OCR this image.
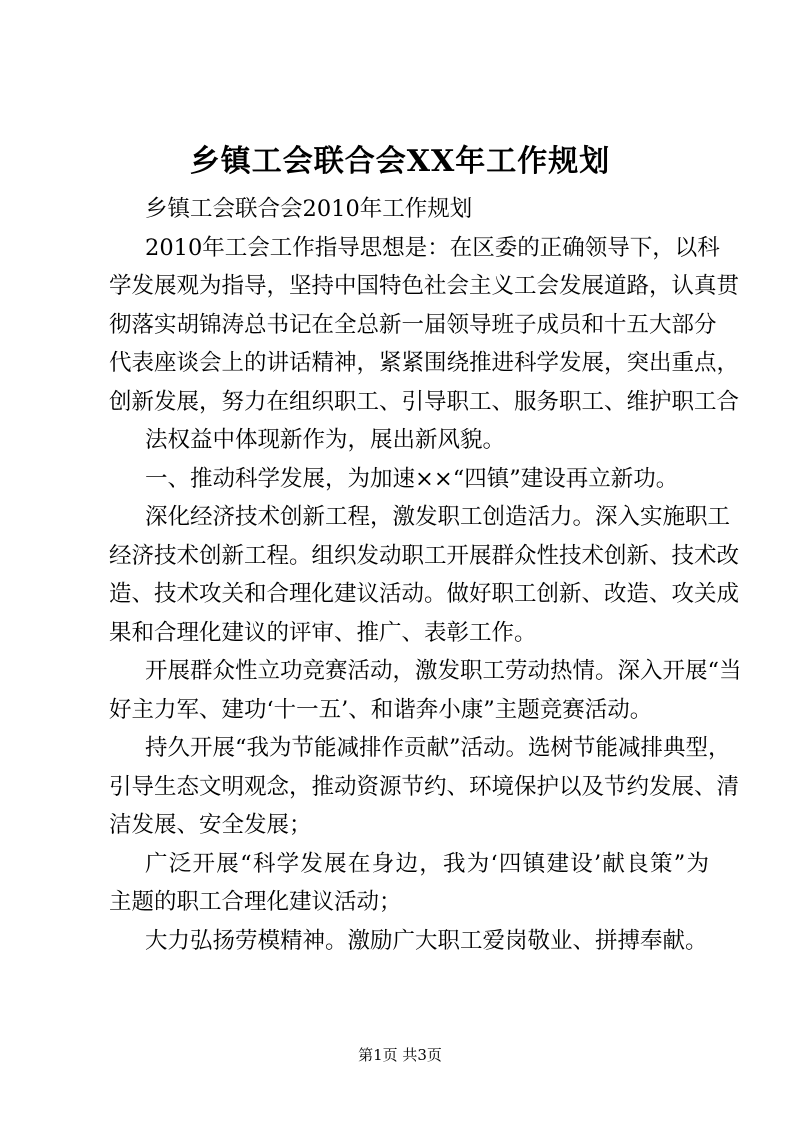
乡镇工会联合会XX年工作规划
乡镇工会联合会2010年工作规划
2010年工会工作指导思想是：在区委的正确领导下，以科
学发展观为指导，坚持中国特色社会主义工会发展道路，认真贯
彻落实胡锦涛总书记在全总新一届领导班子成员和十五大部分
代表座谈会上的讲话精神，紧紧围绕推进科学发展，突出重点，
创新发展，努力在组织职工、引导职工、服务职工、维护职工合
法权益中体现新作为，展出新风貌。
一、推动科学发展，为加速××“四镇”建设再立新功。
深化经济技术创新工程，激发职工创造活力。深入实施职工
经济技术创新工程。组织发动职工开展群众性技术创新、技术改
造、技术攻关和合理化建议活动。做好职工创新、改造、攻关成
果和合理化建议的评审、推广、表彰工作。
开展群众性立功竞赛活动，激发职工劳动热情。深入开展“当
好主力军、建功‘十一五’、和谐奔小康”主题竞赛活动。
持久开展“我为节能减排作贡献”活动。选树节能减排典型，
引导生态文明观念，推动资源节约、环境保护以及节约发展、清
洁发展、安全发展；
广泛开展“科学发展在身边，我为‘四镇建设’献良策”为
主题的职工合理化建议活动；
大力弘扬劳模精神。激励广大职工爱岗敬业、拼搏奉献。
第1页 共3页
